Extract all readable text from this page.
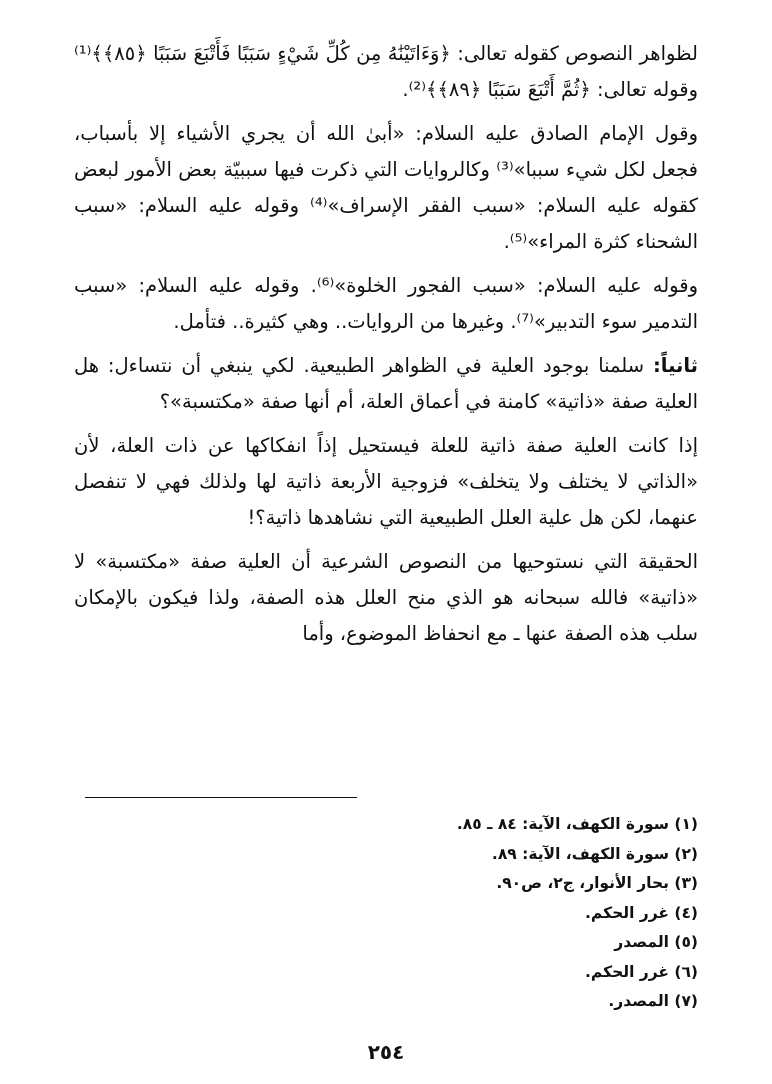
لظواهر النصوص كقوله تعالى: ﴿وَءَاتَيْنَٰهُ مِن كُلِّ شَيْءٍ سَبَبًا فَأَتْبَعَ سَبَبًا ﴿٨٥﴾﴾⁽¹⁾ وقوله تعالى: ﴿ثُمَّ أَتْبَعَ سَبَبًا ﴿٨٩﴾﴾⁽²⁾.

وقول الإمام الصادق عليه السلام: «أبىٰ الله أن يجري الأشياء إلا بأسباب، فجعل لكل شيء سببا»⁽³⁾ وكالروايات التي ذكرت فيها سببيّة بعض الأمور لبعض كقوله عليه السلام: «سبب الفقر الإسراف»⁽⁴⁾ وقوله عليه السلام: «سبب الشحناء كثرة المراء»⁽⁵⁾.

وقوله عليه السلام: «سبب الفجور الخلوة»⁽⁶⁾. وقوله عليه السلام: «سبب التدمير سوء التدبير»⁽⁷⁾. وغيرها من الروايات.. وهي كثيرة.. فتأمل.

ثانياً: سلمنا بوجود العلية في الظواهر الطبيعية. لكي ينبغي أن نتساءل: هل العلية صفة «ذاتية» كامنة في أعماق العلة، أم أنها صفة «مكتسبة»؟

إذا كانت العلية صفة ذاتية للعلة فيستحيل إذاً انفكاكها عن ذات العلة، لأن «الذاتي لا يختلف ولا يتخلف» فزوجية الأربعة ذاتية لها ولذلك فهي لا تنفصل عنهما، لكن هل علية العلل الطبيعية التي نشاهدها ذاتية؟!

الحقيقة التي نستوحيها من النصوص الشرعية أن العلية صفة «مكتسبة» لا «ذاتية» فالله سبحانه هو الذي منح العلل هذه الصفة، ولذا فيكون بالإمكان سلب هذه الصفة عنها ـ مع انحفاظ الموضوع، وأما

(١) سورة الكهف، الآية: ٨٤ ـ ٨٥.
(٢) سورة الكهف، الآية: ٨٩.
(٣) بحار الأنوار، ج٢، ص٩٠.
(٤) غرر الحكم.
(٥) المصدر
(٦) غرر الحكم.
(٧) المصدر.
٢٥٤
